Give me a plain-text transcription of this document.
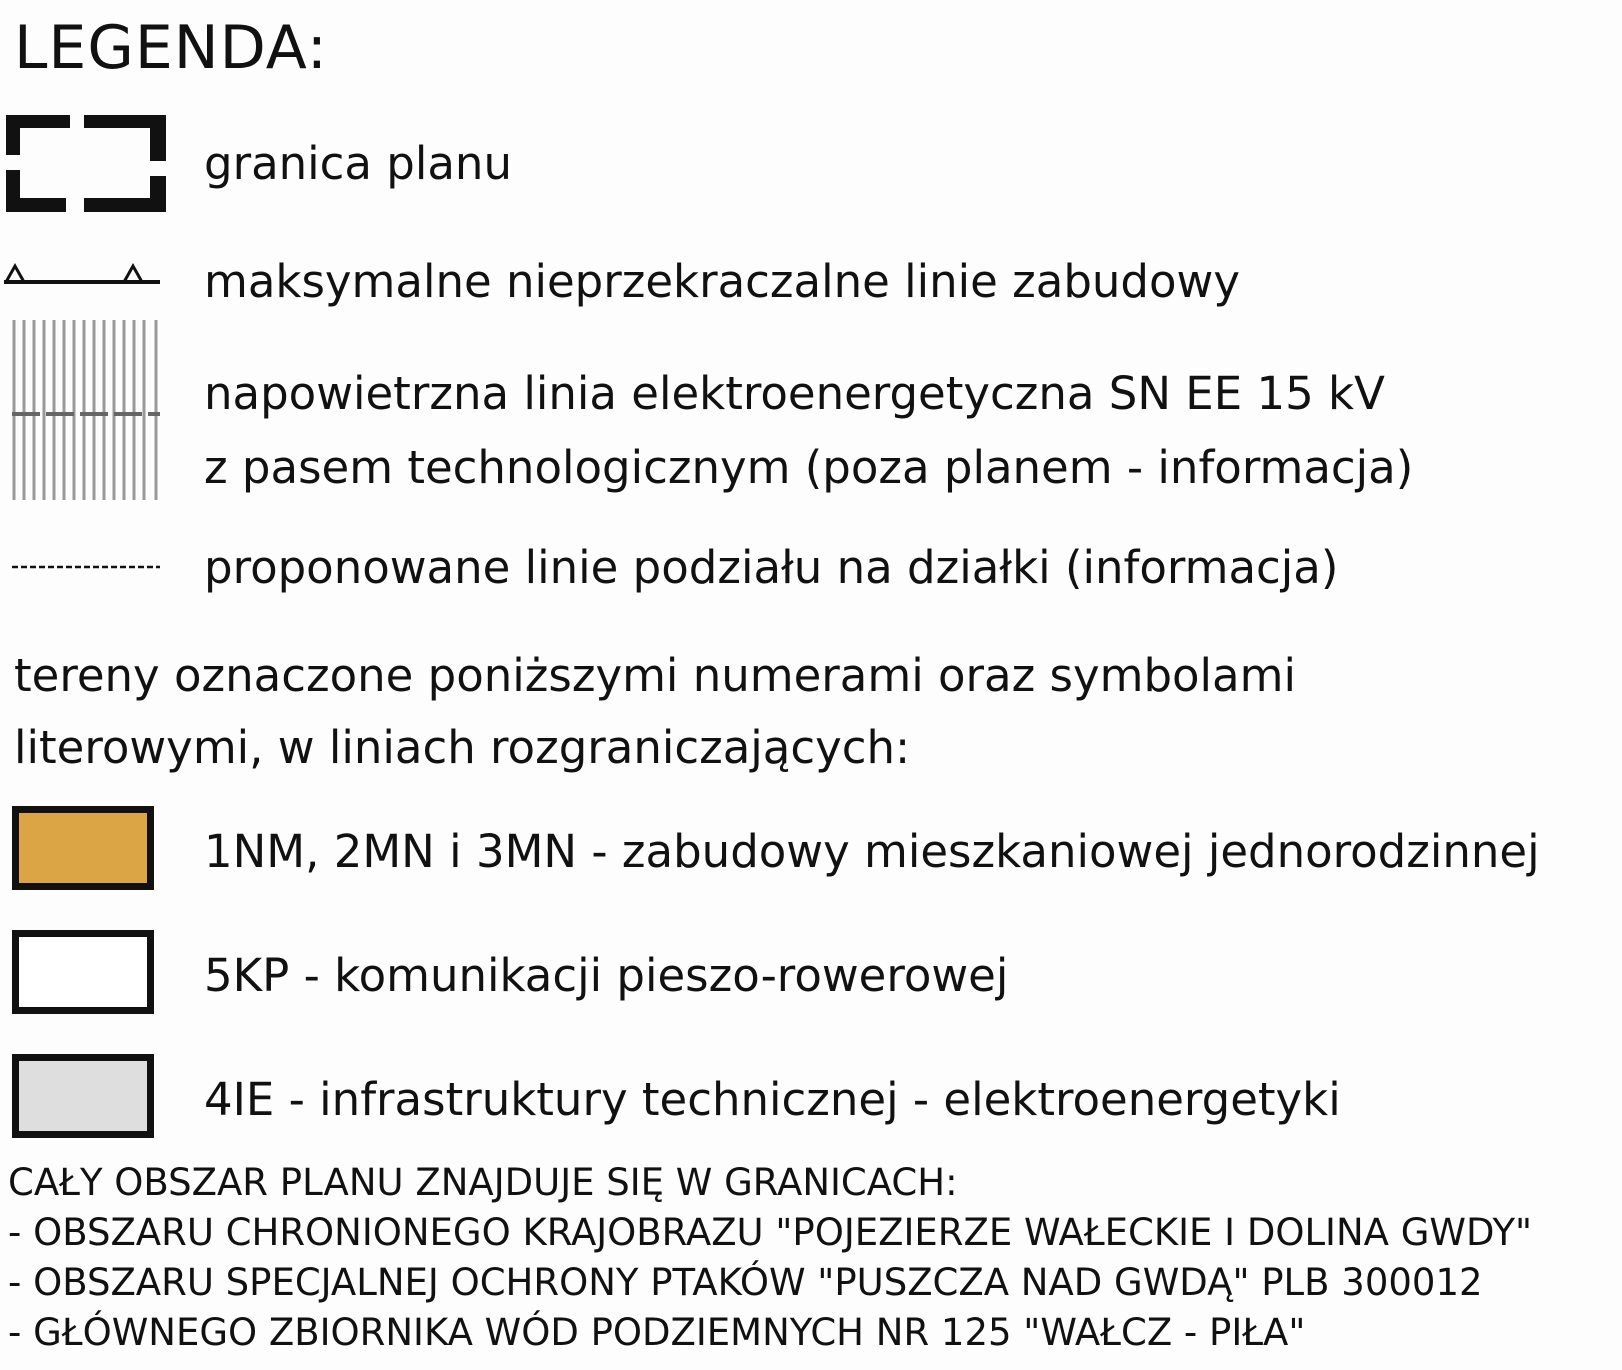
LEGENDA:
granica planu
maksymalne nieprzekraczalne linie zabudowy
napowietrzna linia elektroenergetyczna SN EE 15 kV
z pasem technologicznym (poza planem - informacja)
proponowane linie podziału na działki (informacja)
tereny oznaczone poniższymi numerami oraz symbolami
literowymi, w liniach rozgraniczających:
1NM, 2MN i 3MN - zabudowy mieszkaniowej jednorodzinnej
5KP - komunikacji pieszo-rowerowej
4IE - infrastruktury technicznej - elektroenergetyki
CAŁY OBSZAR PLANU ZNAJDUJE SIĘ W GRANICACH:
- OBSZARU CHRONIONEGO KRAJOBRAZU "POJEZIERZE WAŁECKIE I DOLINA GWDY"
- OBSZARU SPECJALNEJ OCHRONY PTAKÓW "PUSZCZA NAD GWDĄ" PLB 300012
- GŁÓWNEGO ZBIORNIKA WÓD PODZIEMNYCH NR 125 "WAŁCZ - PIŁA"
